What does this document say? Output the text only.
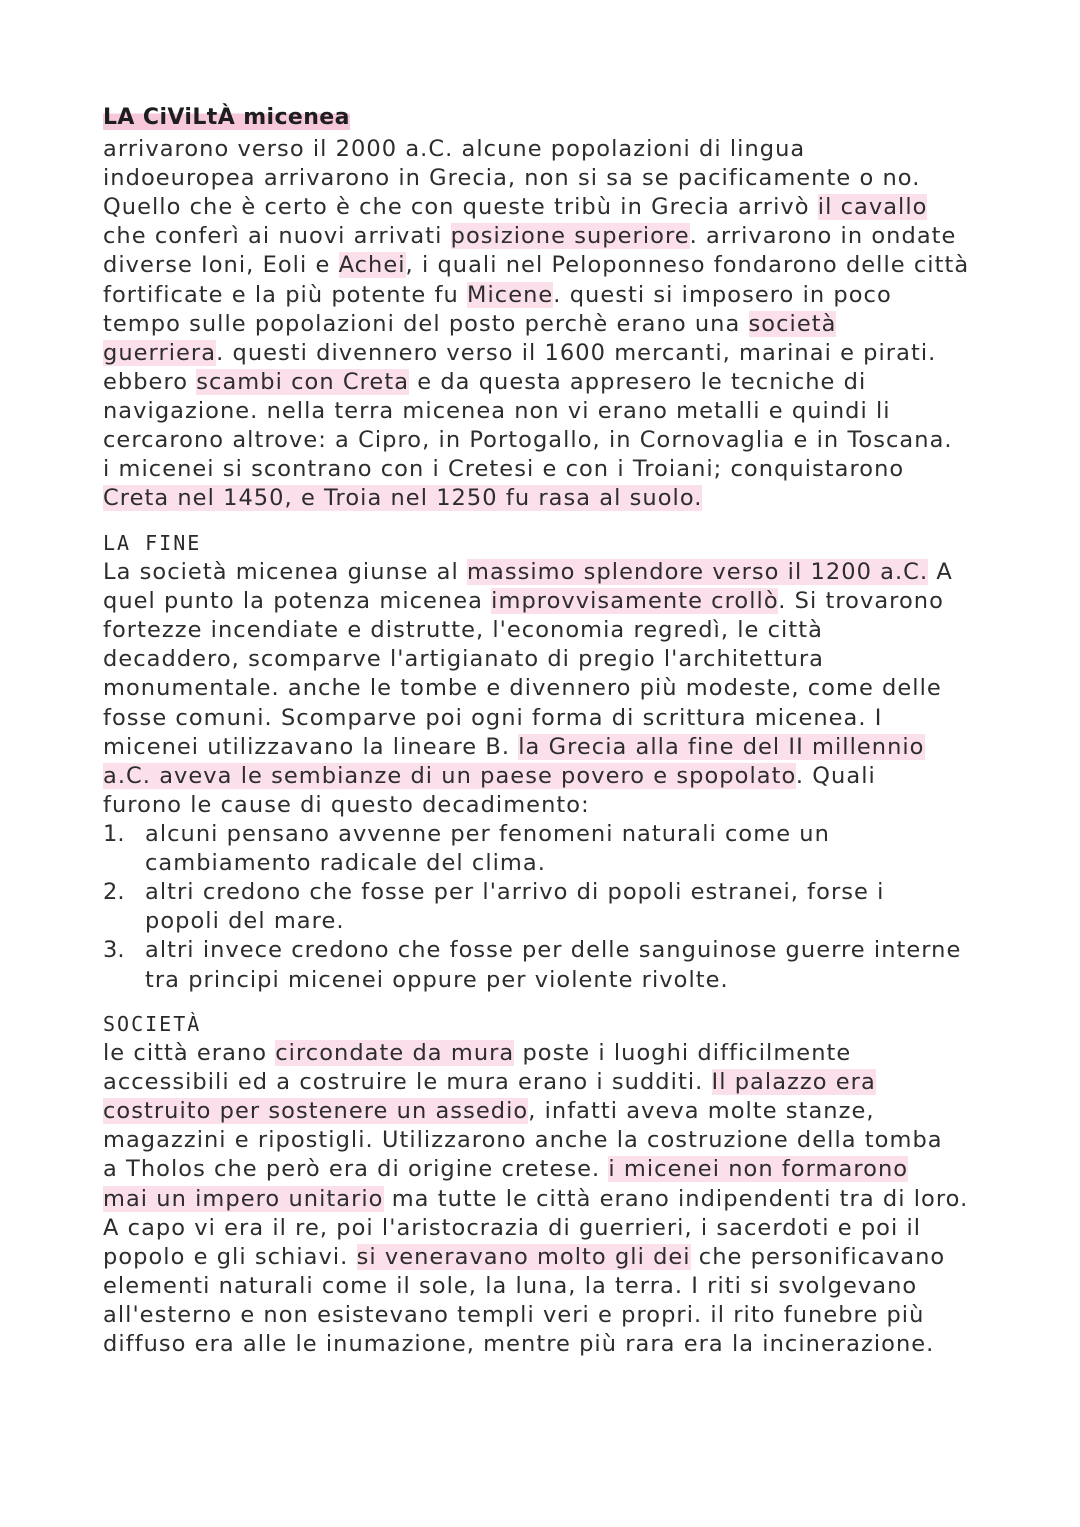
LA CiViLtÀ micenea
arrivarono verso il 2000 a.C. alcune popolazioni di lingua
indoeuropea arrivarono in Grecia, non si sa se pacificamente o no.
Quello che è certo è che con queste tribù in Grecia arrivò il cavallo
che conferì ai nuovi arrivati posizione superiore. arrivarono in ondate
diverse Ioni, Eoli e Achei, i quali nel Peloponneso fondarono delle città
fortificate e la più potente fu Micene. questi si imposero in poco
tempo sulle popolazioni del posto perchè erano una società
guerriera. questi divennero verso il 1600 mercanti, marinai e pirati.
ebbero scambi con Creta e da questa appresero le tecniche di
navigazione. nella terra micenea non vi erano metalli e quindi li
cercarono altrove: a Cipro, in Portogallo, in Cornovaglia e in Toscana.
i micenei si scontrano con i Cretesi e con i Troiani; conquistarono
Creta nel 1450, e Troia nel 1250 fu rasa al suolo.
LA FINE
La società micenea giunse al massimo splendore verso il 1200 a.C. A
quel punto la potenza micenea improvvisamente crollò. Si trovarono
fortezze incendiate e distrutte, l'economia regredì, le città
decaddero, scomparve l'artigianato di pregio l'architettura
monumentale. anche le tombe e divennero più modeste, come delle
fosse comuni. Scomparve poi ogni forma di scrittura micenea. I
micenei utilizzavano la lineare B. la Grecia alla fine del II millennio
a.C. aveva le sembianze di un paese povero e spopolato. Quali
furono le cause di questo decadimento:
1. alcuni pensano avvenne per fenomeni naturali come un
cambiamento radicale del clima.
2. altri credono che fosse per l'arrivo di popoli estranei, forse i
popoli del mare.
3. altri invece credono che fosse per delle sanguinose guerre interne
tra principi micenei oppure per violente rivolte.
SOCIETÀ
le città erano circondate da mura poste i luoghi difficilmente
accessibili ed a costruire le mura erano i sudditi. Il palazzo era
costruito per sostenere un assedio, infatti aveva molte stanze,
magazzini e ripostigli. Utilizzarono anche la costruzione della tomba
a Tholos che però era di origine cretese. i micenei non formarono
mai un impero unitario ma tutte le città erano indipendenti tra di loro.
A capo vi era il re, poi l'aristocrazia di guerrieri, i sacerdoti e poi il
popolo e gli schiavi. si veneravano molto gli dei che personificavano
elementi naturali come il sole, la luna, la terra. I riti si svolgevano
all'esterno e non esistevano templi veri e propri. il rito funebre più
diffuso era alle le inumazione, mentre più rara era la incinerazione.
